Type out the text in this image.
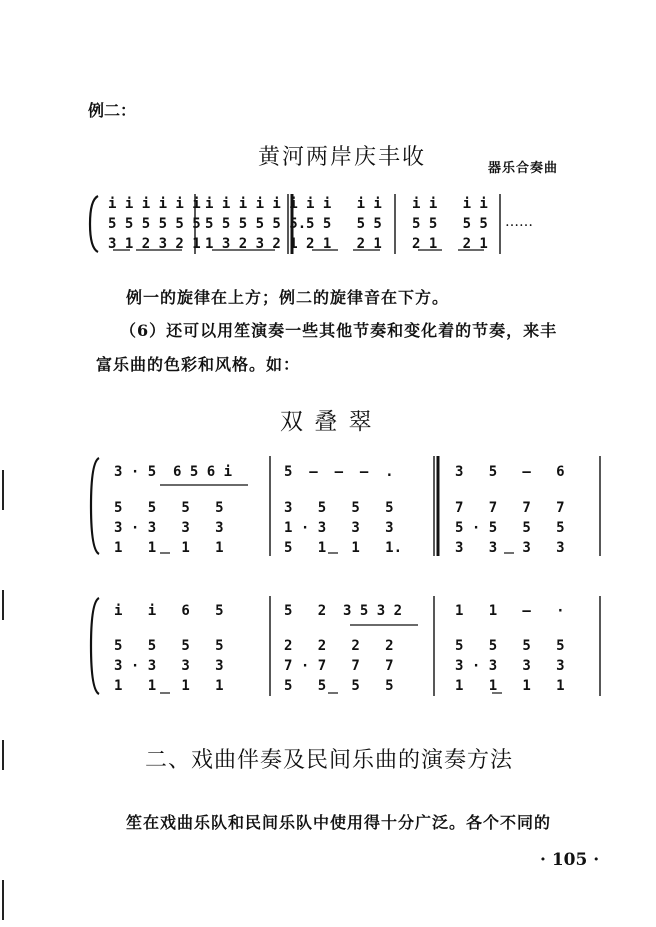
例二：
黄河两岸庆丰收	器乐合奏曲
i i i i i i i i i i i i i i   i i i i   i i
5 5 5 5 5 5 5 5 5 5 5 5. 5 5   5 5 5 5   5 5
3 1 2 3 2 1 1 3 2 3 2 1 2 1   2 1 2 1   2 1
……
例一的旋律在上方；例二的旋律音在下方。
（6）还可以用笙演奏一些其他节奏和变化着的节奏，来丰
富乐曲的色彩和风格。如：
双 叠 翠
3 · 5  6 5 6 i	5  –  –  –  .	3   5   –   6
5   5   5   5	3   5   5   5	7   7   7   7
3 · 3   3   3	1 · 3   3   3	5 · 5   5   5
1   1   1   1	5   1   1   1.	3   3   3   3
i   i   6   5	5   2  3 5 3 2	1   1   –   ·
5   5   5   5	2   2   2   2	5   5   5   5
3 · 3   3   3	7 · 7   7   7	3 · 3   3   3
1   1   1   1	5   5   5   5	1   1   1   1
二、戏曲伴奏及民间乐曲的演奏方法
笙在戏曲乐队和民间乐队中使用得十分广泛。各个不同的
· 105 ·
